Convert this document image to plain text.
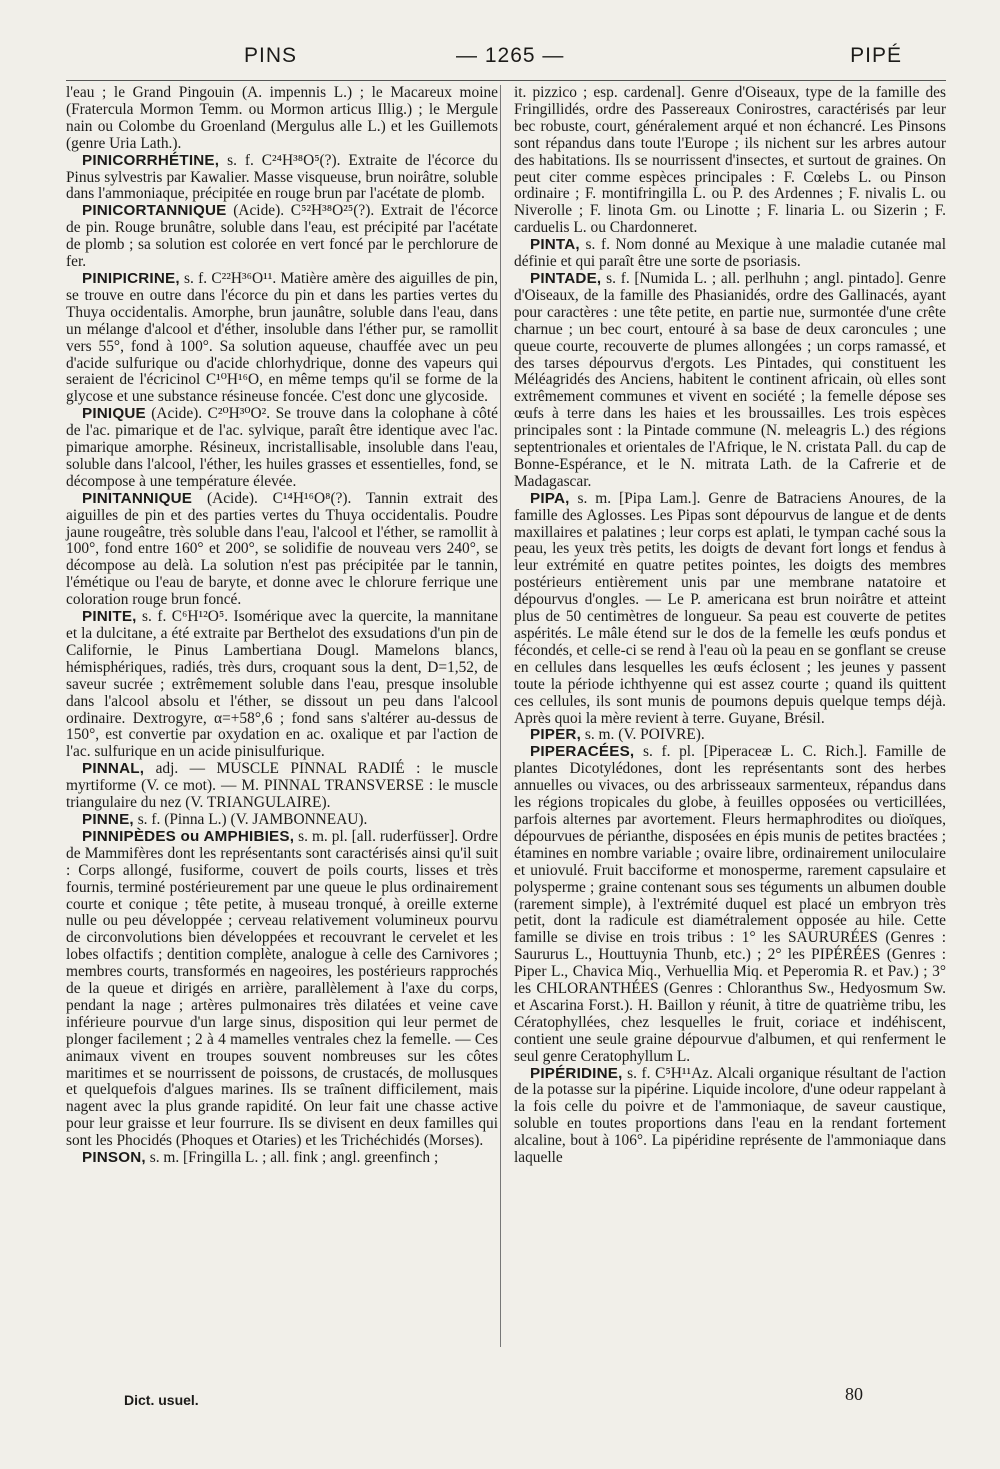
PINS	— 1265 —	PIPÉ

l'eau ; le Grand Pingouin (A. impennis L.) ; le Macareux moine (Fratercula Mormon Temm. ou Mormon articus Illig.) ; le Mergule nain ou Colombe du Groenland (Mergulus alle L.) et les Guillemots (genre Uria Lath.).

PINICORRHÉTINE, s. f. C²⁴H³⁸O⁵(?). Extraite de l'écorce du Pinus sylvestris par Kawalier. Masse visqueuse, brun noirâtre, soluble dans l'ammoniaque, précipitée en rouge brun par l'acétate de plomb.

PINICORTANNIQUE (Acide). C⁵²H³⁸O²⁵(?). Extrait de l'écorce de pin. Rouge brunâtre, soluble dans l'eau, est précipité par l'acétate de plomb ; sa solution est colorée en vert foncé par le perchlorure de fer.

PINIPICRINE, s. f. C²²H³⁶O¹¹. Matière amère des aiguilles de pin, se trouve en outre dans l'écorce du pin et dans les parties vertes du Thuya occidentalis. Amorphe, brun jaunâtre, soluble dans l'eau, dans un mélange d'alcool et d'éther, insoluble dans l'éther pur, se ramollit vers 55°, fond à 100°. Sa solution aqueuse, chauffée avec un peu d'acide sulfurique ou d'acide chlorhydrique, donne des vapeurs qui seraient de l'écricinol C¹⁰H¹⁶O, en même temps qu'il se forme de la glycose et une substance résineuse foncée. C'est donc une glycoside.

PINIQUE (Acide). C²⁰H³⁰O². Se trouve dans la colophane à côté de l'ac. pimarique et de l'ac. sylvique, paraît être identique avec l'ac. pimarique amorphe. Résineux, incristallisable, insoluble dans l'eau, soluble dans l'alcool, l'éther, les huiles grasses et essentielles, fond, se décompose à une température élevée.

PINITANNIQUE (Acide). C¹⁴H¹⁶O⁸(?). Tannin extrait des aiguilles de pin et des parties vertes du Thuya occidentalis. Poudre jaune rougeâtre, très soluble dans l'eau, l'alcool et l'éther, se ramollit à 100°, fond entre 160° et 200°, se solidifie de nouveau vers 240°, se décompose au delà. La solution n'est pas précipitée par le tannin, l'émétique ou l'eau de baryte, et donne avec le chlorure ferrique une coloration rouge brun foncé.

PINITE, s. f. C⁶H¹²O⁵. Isomérique avec la quercite, la mannitane et la dulcitane, a été extraite par Berthelot des exsudations d'un pin de Californie, le Pinus Lambertiana Dougl. Mamelons blancs, hémisphériques, radiés, très durs, croquant sous la dent, D=1,52, de saveur sucrée ; extrêmement soluble dans l'eau, presque insoluble dans l'alcool absolu et l'éther, se dissout un peu dans l'alcool ordinaire. Dextrogyre, α=+58°,6 ; fond sans s'altérer au-dessus de 150°, est convertie par oxydation en ac. oxalique et par l'action de l'ac. sulfurique en un acide pinisulfurique.

PINNAL, adj. — MUSCLE PINNAL RADIÉ : le muscle myrtiforme (V. ce mot). — M. PINNAL TRANSVERSE : le muscle triangulaire du nez (V. TRIANGULAIRE).

PINNE, s. f. (Pinna L.) (V. JAMBONNEAU).

PINNIPÈDES ou AMPHIBIES, s. m. pl. [all. ruderfüsser]. Ordre de Mammifères dont les représentants sont caractérisés ainsi qu'il suit : Corps allongé, fusiforme, couvert de poils courts, lisses et très fournis, terminé postérieurement par une queue le plus ordinairement courte et conique ; tête petite, à museau tronqué, à oreille externe nulle ou peu développée ; cerveau relativement volumineux pourvu de circonvolutions bien développées et recouvrant le cervelet et les lobes olfactifs ; dentition complète, analogue à celle des Carnivores ; membres courts, transformés en nageoires, les postérieurs rapprochés de la queue et dirigés en arrière, parallèlement à l'axe du corps, pendant la nage ; artères pulmonaires très dilatées et veine cave inférieure pourvue d'un large sinus, disposition qui leur permet de plonger facilement ; 2 à 4 mamelles ventrales chez la femelle. — Ces animaux vivent en troupes souvent nombreuses sur les côtes maritimes et se nourrissent de poissons, de crustacés, de mollusques et quelquefois d'algues marines. Ils se traînent difficilement, mais nagent avec la plus grande rapidité. On leur fait une chasse active pour leur graisse et leur fourrure. Ils se divisent en deux familles qui sont les Phocidés (Phoques et Otaries) et les Trichéchidés (Morses).

PINSON, s. m. [Fringilla L. ; all. fink ; angl. greenfinch ;

it. pizzico ; esp. cardenal]. Genre d'Oiseaux, type de la famille des Fringillidés, ordre des Passereaux Conirostres, caractérisés par leur bec robuste, court, généralement arqué et non échancré. Les Pinsons sont répandus dans toute l'Europe ; ils nichent sur les arbres autour des habitations. Ils se nourrissent d'insectes, et surtout de graines. On peut citer comme espèces principales : F. Cœlebs L. ou Pinson ordinaire ; F. montifringilla L. ou P. des Ardennes ; F. nivalis L. ou Niverolle ; F. linota Gm. ou Linotte ; F. linaria L. ou Sizerin ; F. carduelis L. ou Chardonneret.

PINTA, s. f. Nom donné au Mexique à une maladie cutanée mal définie et qui paraît être une sorte de psoriasis.

PINTADE, s. f. [Numida L. ; all. perlhuhn ; angl. pintado]. Genre d'Oiseaux, de la famille des Phasianidés, ordre des Gallinacés, ayant pour caractères : une tête petite, en partie nue, surmontée d'une crête charnue ; un bec court, entouré à sa base de deux caroncules ; une queue courte, recouverte de plumes allongées ; un corps ramassé, et des tarses dépourvus d'ergots. Les Pintades, qui constituent les Méléagridés des Anciens, habitent le continent africain, où elles sont extrêmement communes et vivent en société ; la femelle dépose ses œufs à terre dans les haies et les broussailles. Les trois espèces principales sont : la Pintade commune (N. meleagris L.) des régions septentrionales et orientales de l'Afrique, le N. cristata Pall. du cap de Bonne-Espérance, et le N. mitrata Lath. de la Cafrerie et de Madagascar.

PIPA, s. m. [Pipa Lam.]. Genre de Batraciens Anoures, de la famille des Aglosses. Les Pipas sont dépourvus de langue et de dents maxillaires et palatines ; leur corps est aplati, le tympan caché sous la peau, les yeux très petits, les doigts de devant fort longs et fendus à leur extrémité en quatre petites pointes, les doigts des membres postérieurs entièrement unis par une membrane natatoire et dépourvus d'ongles. — Le P. americana est brun noirâtre et atteint plus de 50 centimètres de longueur. Sa peau est couverte de petites aspérités. Le mâle étend sur le dos de la femelle les œufs pondus et fécondés, et celle-ci se rend à l'eau où la peau en se gonflant se creuse en cellules dans lesquelles les œufs éclosent ; les jeunes y passent toute la période ichthyenne qui est assez courte ; quand ils quittent ces cellules, ils sont munis de poumons depuis quelque temps déjà. Après quoi la mère revient à terre. Guyane, Brésil.

PIPER, s. m. (V. POIVRE).

PIPERACÉES, s. f. pl. [Piperaceæ L. C. Rich.]. Famille de plantes Dicotylédones, dont les représentants sont des herbes annuelles ou vivaces, ou des arbrisseaux sarmenteux, répandus dans les régions tropicales du globe, à feuilles opposées ou verticillées, parfois alternes par avortement. Fleurs hermaphrodites ou dioïques, dépourvues de périanthe, disposées en épis munis de petites bractées ; étamines en nombre variable ; ovaire libre, ordinairement uniloculaire et uniovulé. Fruit bacciforme et monosperme, rarement capsulaire et polysperme ; graine contenant sous ses téguments un albumen double (rarement simple), à l'extrémité duquel est placé un embryon très petit, dont la radicule est diamétralement opposée au hile. Cette famille se divise en trois tribus : 1° les SAURURÉES (Genres : Saururus L., Houttuynia Thunb, etc.) ; 2° les PIPÉRÉES (Genres : Piper L., Chavica Miq., Verhuellia Miq. et Peperomia R. et Pav.) ; 3° les CHLORANTHÉES (Genres : Chloranthus Sw., Hedyosmum Sw. et Ascarina Forst.). H. Baillon y réunit, à titre de quatrième tribu, les Cératophyllées, chez lesquelles le fruit, coriace et indéhiscent, contient une seule graine dépourvue d'albumen, et qui renferment le seul genre Ceratophyllum L.

PIPÉRIDINE, s. f. C⁵H¹¹Az. Alcali organique résultant de l'action de la potasse sur la pipérine. Liquide incolore, d'une odeur rappelant à la fois celle du poivre et de l'ammoniaque, de saveur caustique, soluble en toutes proportions dans l'eau en la rendant fortement alcaline, bout à 106°. La pipéridine représente de l'ammoniaque dans laquelle

Dict. usuel.	80
